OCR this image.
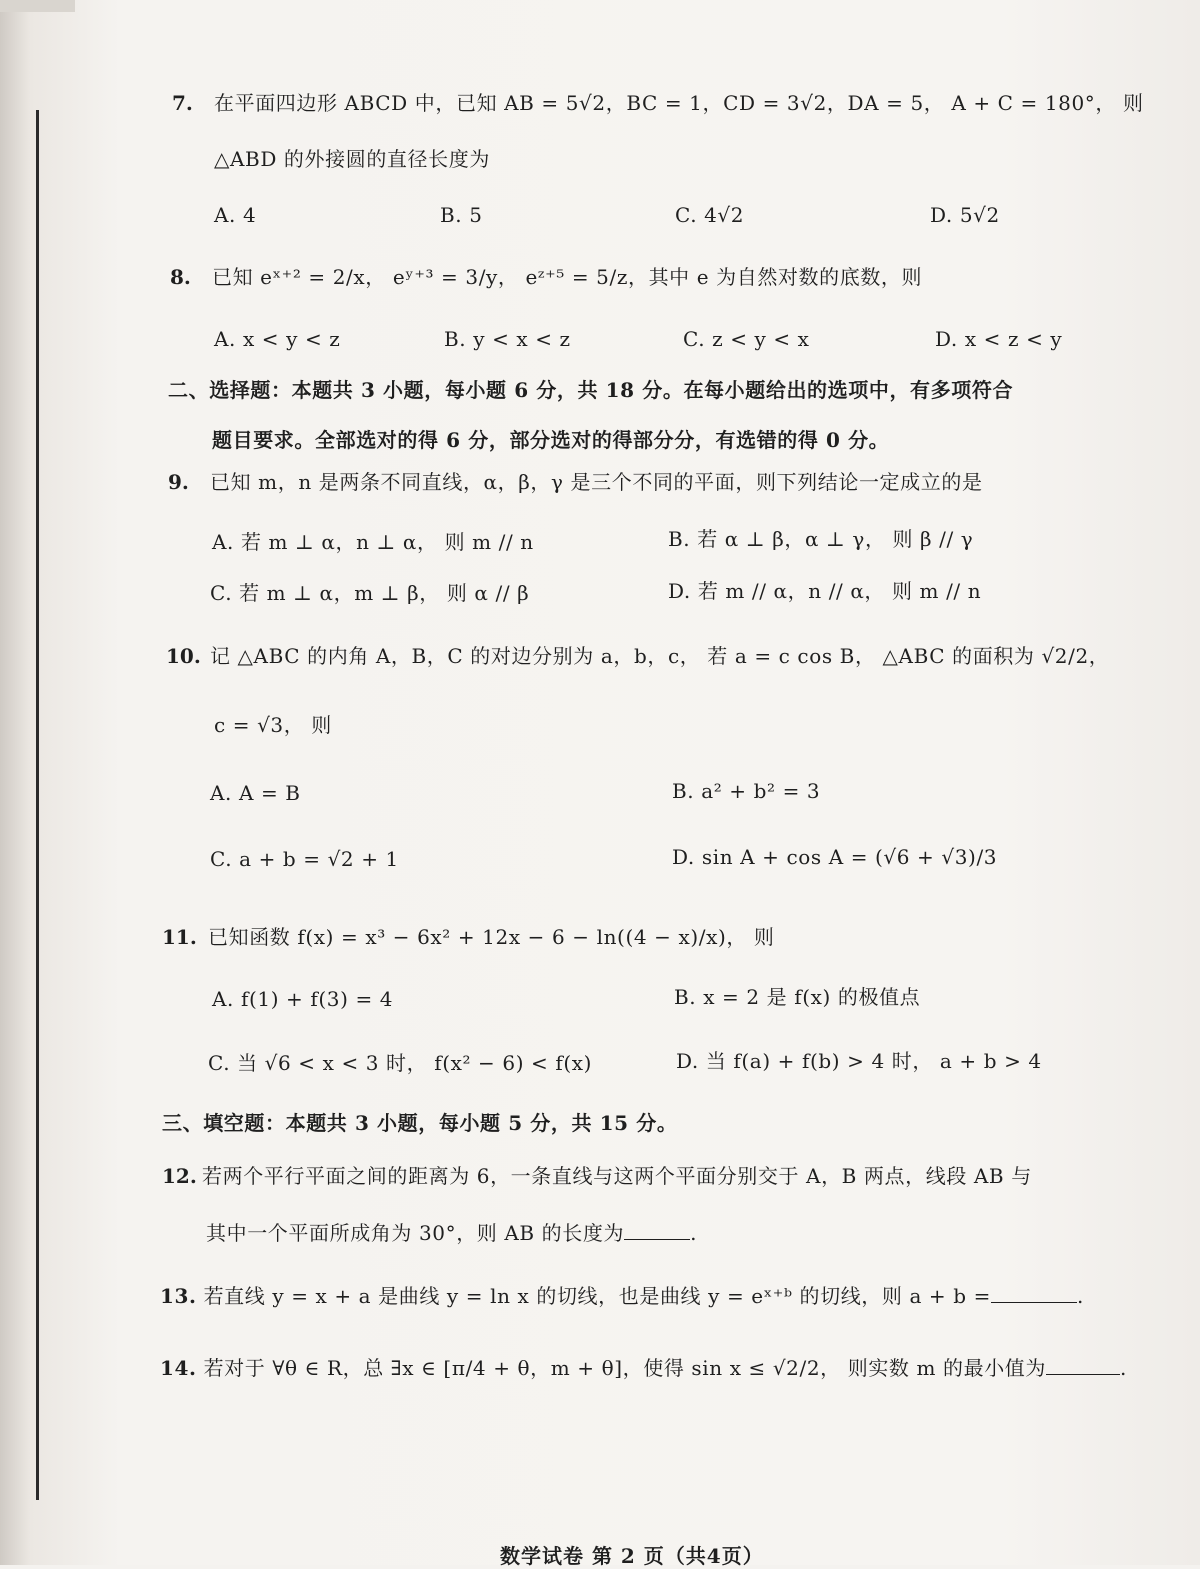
7. 在平面四边形 ABCD 中，已知 AB = 5√2，BC = 1，CD = 3√2，DA = 5， A + C = 180°， 则
△ABD 的外接圆的直径长度为
A. 4	B. 5	C. 4√2	D. 5√2
8. 已知 eˣ⁺² = 2/x， eʸ⁺³ = 3/y， eᶻ⁺⁵ = 5/z，其中 e 为自然对数的底数，则
A. x < y < z	B. y < x < z	C. z < y < x	D. x < z < y
二、选择题：本题共 3 小题，每小题 6 分，共 18 分。在每小题给出的选项中，有多项符合
题目要求。全部选对的得 6 分，部分选对的得部分分，有选错的得 0 分。
9. 已知 m，n 是两条不同直线，α，β，γ 是三个不同的平面，则下列结论一定成立的是
A. 若 m ⊥ α，n ⊥ α， 则 m // n	B. 若 α ⊥ β，α ⊥ γ， 则 β // γ
C. 若 m ⊥ α，m ⊥ β， 则 α // β	D. 若 m // α，n // α， 则 m // n
10. 记 △ABC 的内角 A，B，C 的对边分别为 a，b，c， 若 a = c cos B， △ABC 的面积为 √2/2，
c = √3， 则
A. A = B	B. a² + b² = 3
C. a + b = √2 + 1	D. sin A + cos A = (√6 + √3)/3
11. 已知函数 f(x) = x³ − 6x² + 12x − 6 − ln((4 − x)/x)， 则
A. f(1) + f(3) = 4	B. x = 2 是 f(x) 的极值点
C. 当 √6 < x < 3 时， f(x² − 6) < f(x)	D. 当 f(a) + f(b) > 4 时， a + b > 4
三、填空题：本题共 3 小题，每小题 5 分，共 15 分。
12. 若两个平行平面之间的距离为 6，一条直线与这两个平面分别交于 A，B 两点，线段 AB 与
其中一个平面所成角为 30°，则 AB 的长度为	.
13. 若直线 y = x + a 是曲线 y = ln x 的切线，也是曲线 y = eˣ⁺ᵇ 的切线，则 a + b =	.
14. 若对于 ∀θ ∈ R，总 ∃x ∈ [π/4 + θ，m + θ]，使得 sin x ≤ √2/2， 则实数 m 的最小值为	.
数学试卷 第 2 页（共4页）
